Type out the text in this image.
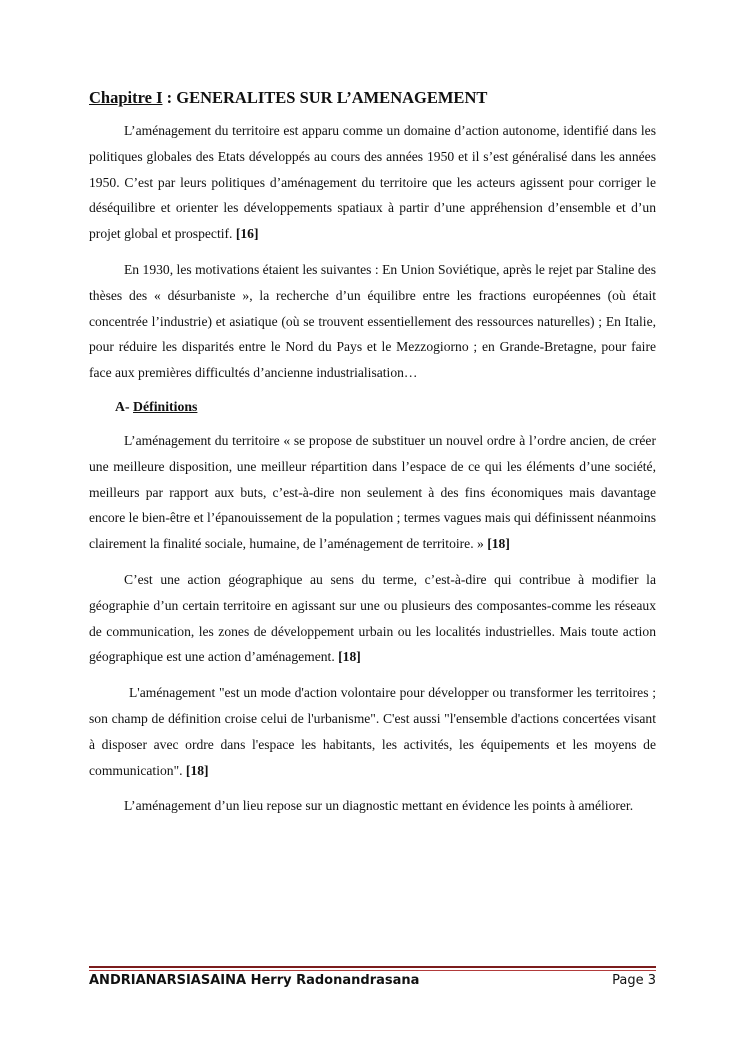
Chapitre I : GENERALITES SUR L’AMENAGEMENT

L’aménagement du territoire est apparu comme un domaine d’action autonome, identifié dans les politiques globales des Etats développés au cours des années 1950 et il s’est généralisé dans les années 1950. C’est par leurs politiques d’aménagement du territoire que les acteurs agissent pour corriger le déséquilibre et orienter les développements spatiaux à partir d’une appréhension d’ensemble et d’un projet global et prospectif. [16]

En 1930, les motivations étaient les suivantes : En Union Soviétique, après le rejet par Staline des thèses des « désurbaniste », la recherche d’un équilibre entre les fractions européennes (où était concentrée l’industrie) et asiatique (où se trouvent essentiellement des ressources naturelles) ; En Italie, pour réduire les disparités entre le Nord du Pays et le Mezzogiorno ; en Grande-Bretagne, pour faire face aux premières difficultés d’ancienne industrialisation…

A- Définitions

L’aménagement du territoire « se propose de substituer un nouvel ordre à l’ordre ancien, de créer une meilleure disposition, une meilleur répartition dans l’espace de ce qui les éléments d’une société, meilleurs par rapport aux buts, c’est-à-dire non seulement à des fins économiques mais davantage encore le bien-être et l’épanouissement de la population ; termes vagues mais qui définissent néanmoins clairement la finalité sociale, humaine, de l’aménagement de territoire. » [18]

C’est une action géographique au sens du terme, c’est-à-dire qui contribue à modifier la géographie d’un certain territoire en agissant sur une ou plusieurs des composantes-comme les réseaux de communication, les zones de développement urbain ou les localités industrielles. Mais toute action géographique est une action d’aménagement. [18]

L'aménagement "est un mode d'action volontaire pour développer ou transformer les territoires ; son champ de définition croise celui de l'urbanisme". C'est aussi "l'ensemble d'actions concertées visant à disposer avec ordre dans l'espace les habitants, les activités, les équipements et les moyens de communication". [18]

L’aménagement d’un lieu repose sur un diagnostic mettant en évidence les points à améliorer.

ANDRIANARSIASAINA Herry Radonandrasana	Page 3
